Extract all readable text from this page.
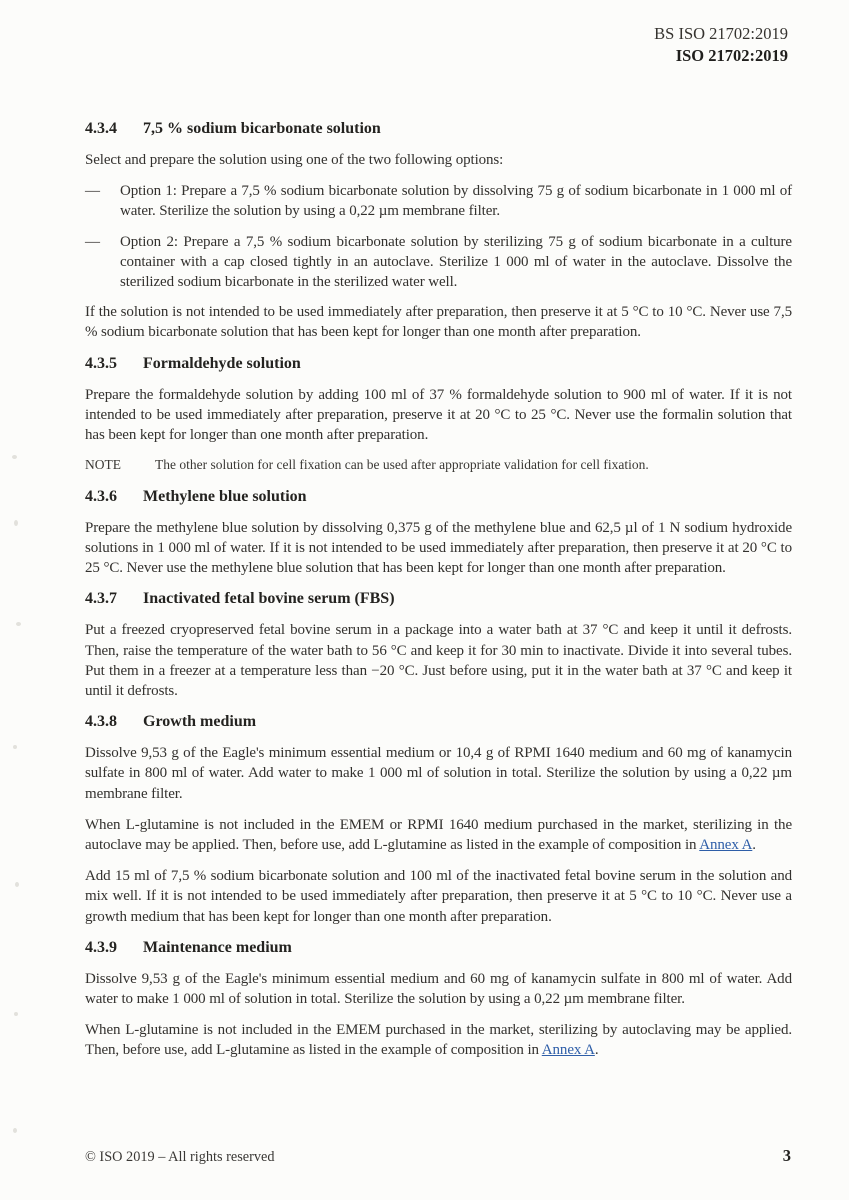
BS ISO 21702:2019
ISO 21702:2019
4.3.4 7,5 % sodium bicarbonate solution

Select and prepare the solution using one of the two following options:

—	Option 1: Prepare a 7,5 % sodium bicarbonate solution by dissolving 75 g of sodium bicarbonate in 1 000 ml of water. Sterilize the solution by using a 0,22 µm membrane filter.
—	Option 2: Prepare a 7,5 % sodium bicarbonate solution by sterilizing 75 g of sodium bicarbonate in a culture container with a cap closed tightly in an autoclave. Sterilize 1 000 ml of water in the autoclave. Dissolve the sterilized sodium bicarbonate in the sterilized water well.

If the solution is not intended to be used immediately after preparation, then preserve it at 5 °C to 10 °C. Never use 7,5 % sodium bicarbonate solution that has been kept for longer than one month after preparation.

4.3.5 Formaldehyde solution

Prepare the formaldehyde solution by adding 100 ml of 37 % formaldehyde solution to 900 ml of water. If it is not intended to be used immediately after preparation, preserve it at 20 °C to 25 °C. Never use the formalin solution that has been kept for longer than one month after preparation.

NOTE	The other solution for cell fixation can be used after appropriate validation for cell fixation.
4.3.6 Methylene blue solution

Prepare the methylene blue solution by dissolving 0,375 g of the methylene blue and 62,5 µl of 1 N sodium hydroxide solutions in 1 000 ml of water. If it is not intended to be used immediately after preparation, then preserve it at 20 °C to 25 °C. Never use the methylene blue solution that has been kept for longer than one month after preparation.

4.3.7 Inactivated fetal bovine serum (FBS)

Put a freezed cryopreserved fetal bovine serum in a package into a water bath at 37 °C and keep it until it defrosts. Then, raise the temperature of the water bath to 56 °C and keep it for 30 min to inactivate. Divide it into several tubes. Put them in a freezer at a temperature less than −20 °C. Just before using, put it in the water bath at 37 °C and keep it until it defrosts.

4.3.8 Growth medium

Dissolve 9,53 g of the Eagle's minimum essential medium or 10,4 g of RPMI 1640 medium and 60 mg of kanamycin sulfate in 800 ml of water. Add water to make 1 000 ml of solution in total. Sterilize the solution by using a 0,22 µm membrane filter.

When L-glutamine is not included in the EMEM or RPMI 1640 medium purchased in the market, sterilizing in the autoclave may be applied. Then, before use, add L-glutamine as listed in the example of composition in Annex A.

Add 15 ml of 7,5 % sodium bicarbonate solution and 100 ml of the inactivated fetal bovine serum in the solution and mix well. If it is not intended to be used immediately after preparation, then preserve it at 5 °C to 10 °C. Never use a growth medium that has been kept for longer than one month after preparation.

4.3.9 Maintenance medium

Dissolve 9,53 g of the Eagle's minimum essential medium and 60 mg of kanamycin sulfate in 800 ml of water. Add water to make 1 000 ml of solution in total. Sterilize the solution by using a 0,22 µm membrane filter.

When L-glutamine is not included in the EMEM purchased in the market, sterilizing by autoclaving may be applied. Then, before use, add L-glutamine as listed in the example of composition in Annex A.

© ISO 2019 – All rights reserved	3
